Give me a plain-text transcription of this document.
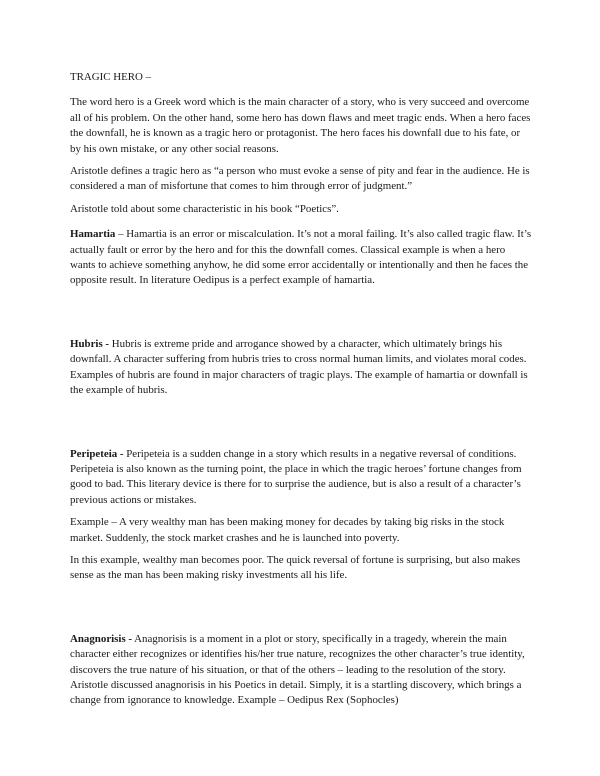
TRAGIC HERO –

The word hero is a Greek word which is the main character of a story, who is very succeed and overcome all of his problem. On the other hand, some hero has down flaws and meet tragic ends. When a hero faces the downfall, he is known as a tragic hero or protagonist. The hero faces his downfall due to his fate, or by his own mistake, or any other social reasons.

Aristotle defines a tragic hero as “a person who must evoke a sense of pity and fear in the audience. He is considered a man of misfortune that comes to him through error of judgment.”

Aristotle told about some characteristic in his book “Poetics”.

Hamartia – Hamartia is an error or miscalculation. It’s not a moral failing. It’s also called tragic flaw. It’s actually fault or error by the hero and for this the downfall comes. Classical example is when a hero wants to achieve something anyhow, he did some error accidentally or intentionally and then he faces the opposite result. In literature Oedipus is a perfect example of hamartia.

Hubris - Hubris is extreme pride and arrogance showed by a character, which ultimately brings his downfall. A character suffering from hubris tries to cross normal human limits, and violates moral codes. Examples of hubris are found in major characters of tragic plays. The example of hamartia or downfall is the example of hubris.

Peripeteia - Peripeteia is a sudden change in a story which results in a negative reversal of conditions. Peripeteia is also known as the turning point, the place in which the tragic heroes’ fortune changes from good to bad. This literary device is there for to surprise the audience, but is also a result of a character’s previous actions or mistakes.

Example – A very wealthy man has been making money for decades by taking big risks in the stock market. Suddenly, the stock market crashes and he is launched into poverty.

In this example, wealthy man becomes poor. The quick reversal of fortune is surprising, but also makes sense as the man has been making risky investments all his life.

Anagnorisis - Anagnorisis is a moment in a plot or story, specifically in a tragedy, wherein the main character either recognizes or identifies his/her true nature, recognizes the other character’s true identity, discovers the true nature of his situation, or that of the others – leading to the resolution of the story. Aristotle discussed anagnorisis in his Poetics in detail. Simply, it is a startling discovery, which brings a change from ignorance to knowledge. Example – Oedipus Rex (Sophocles)
